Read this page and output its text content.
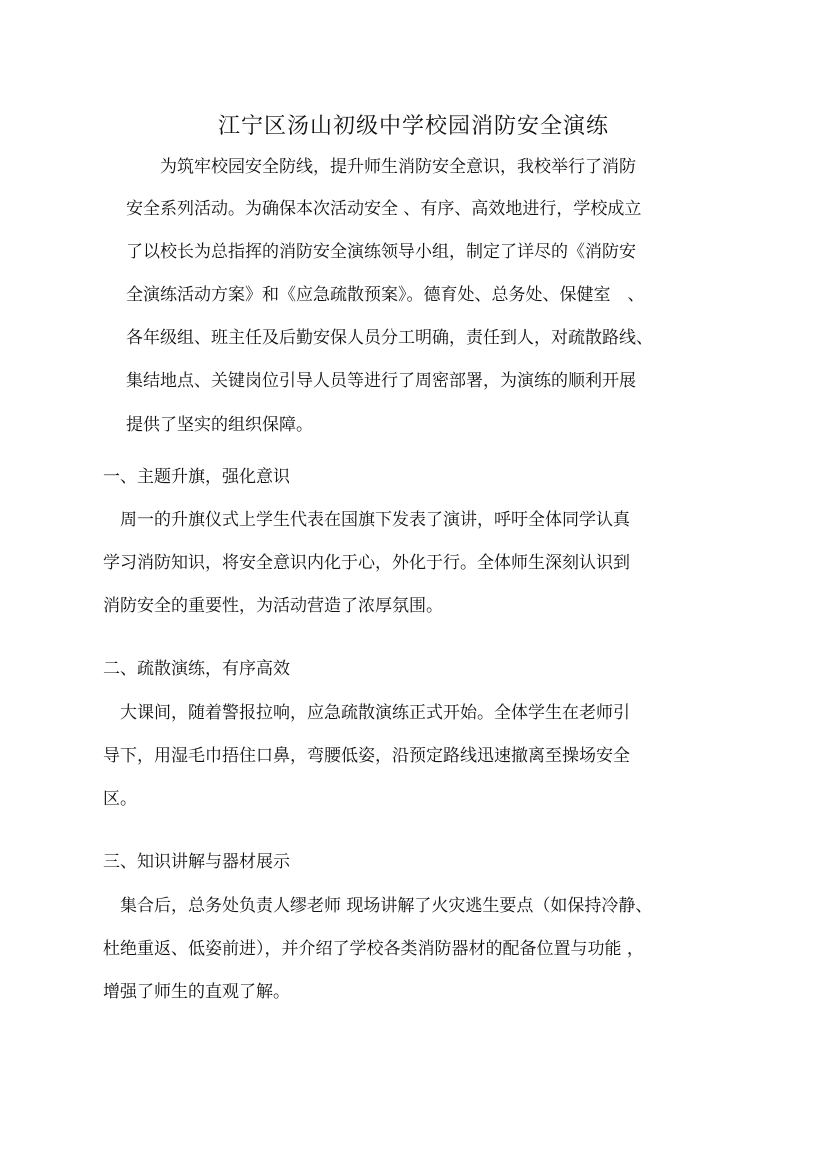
江宁区汤山初级中学校园消防安全演练

　　为筑牢校园安全防线，提升师生消防安全意识，我校举行了消防

安全系列活动。为确保本次活动安全 、有序、高效地进行，学校成立

了以校长为总指挥的消防安全演练领导小组，制定了详尽的《消防安

全演练活动方案》和《应急疏散预案》。德育处、总务处、保健室　、

各年级组、班主任及后勤安保人员分工明确，责任到人，对疏散路线、

集结地点、关键岗位引导人员等进行了周密部署，为演练的顺利开展

提供了坚实的组织保障。

一、主题升旗，强化意识

　周一的升旗仪式上学生代表在国旗下发表了演讲，呼吁全体同学认真

学习消防知识，将安全意识内化于心，外化于行。全体师生深刻认识到

消防安全的重要性，为活动营造了浓厚氛围。

二、疏散演练，有序高效

　大课间，随着警报拉响，应急疏散演练正式开始。全体学生在老师引

导下，用湿毛巾捂住口鼻，弯腰低姿，沿预定路线迅速撤离至操场安全

区。

三、知识讲解与器材展示

　集合后，总务处负责人缪老师 现场讲解了火灾逃生要点（如保持冷静、

杜绝重返、低姿前进），并介绍了学校各类消防器材的配备位置与功能 ，

增强了师生的直观了解。
